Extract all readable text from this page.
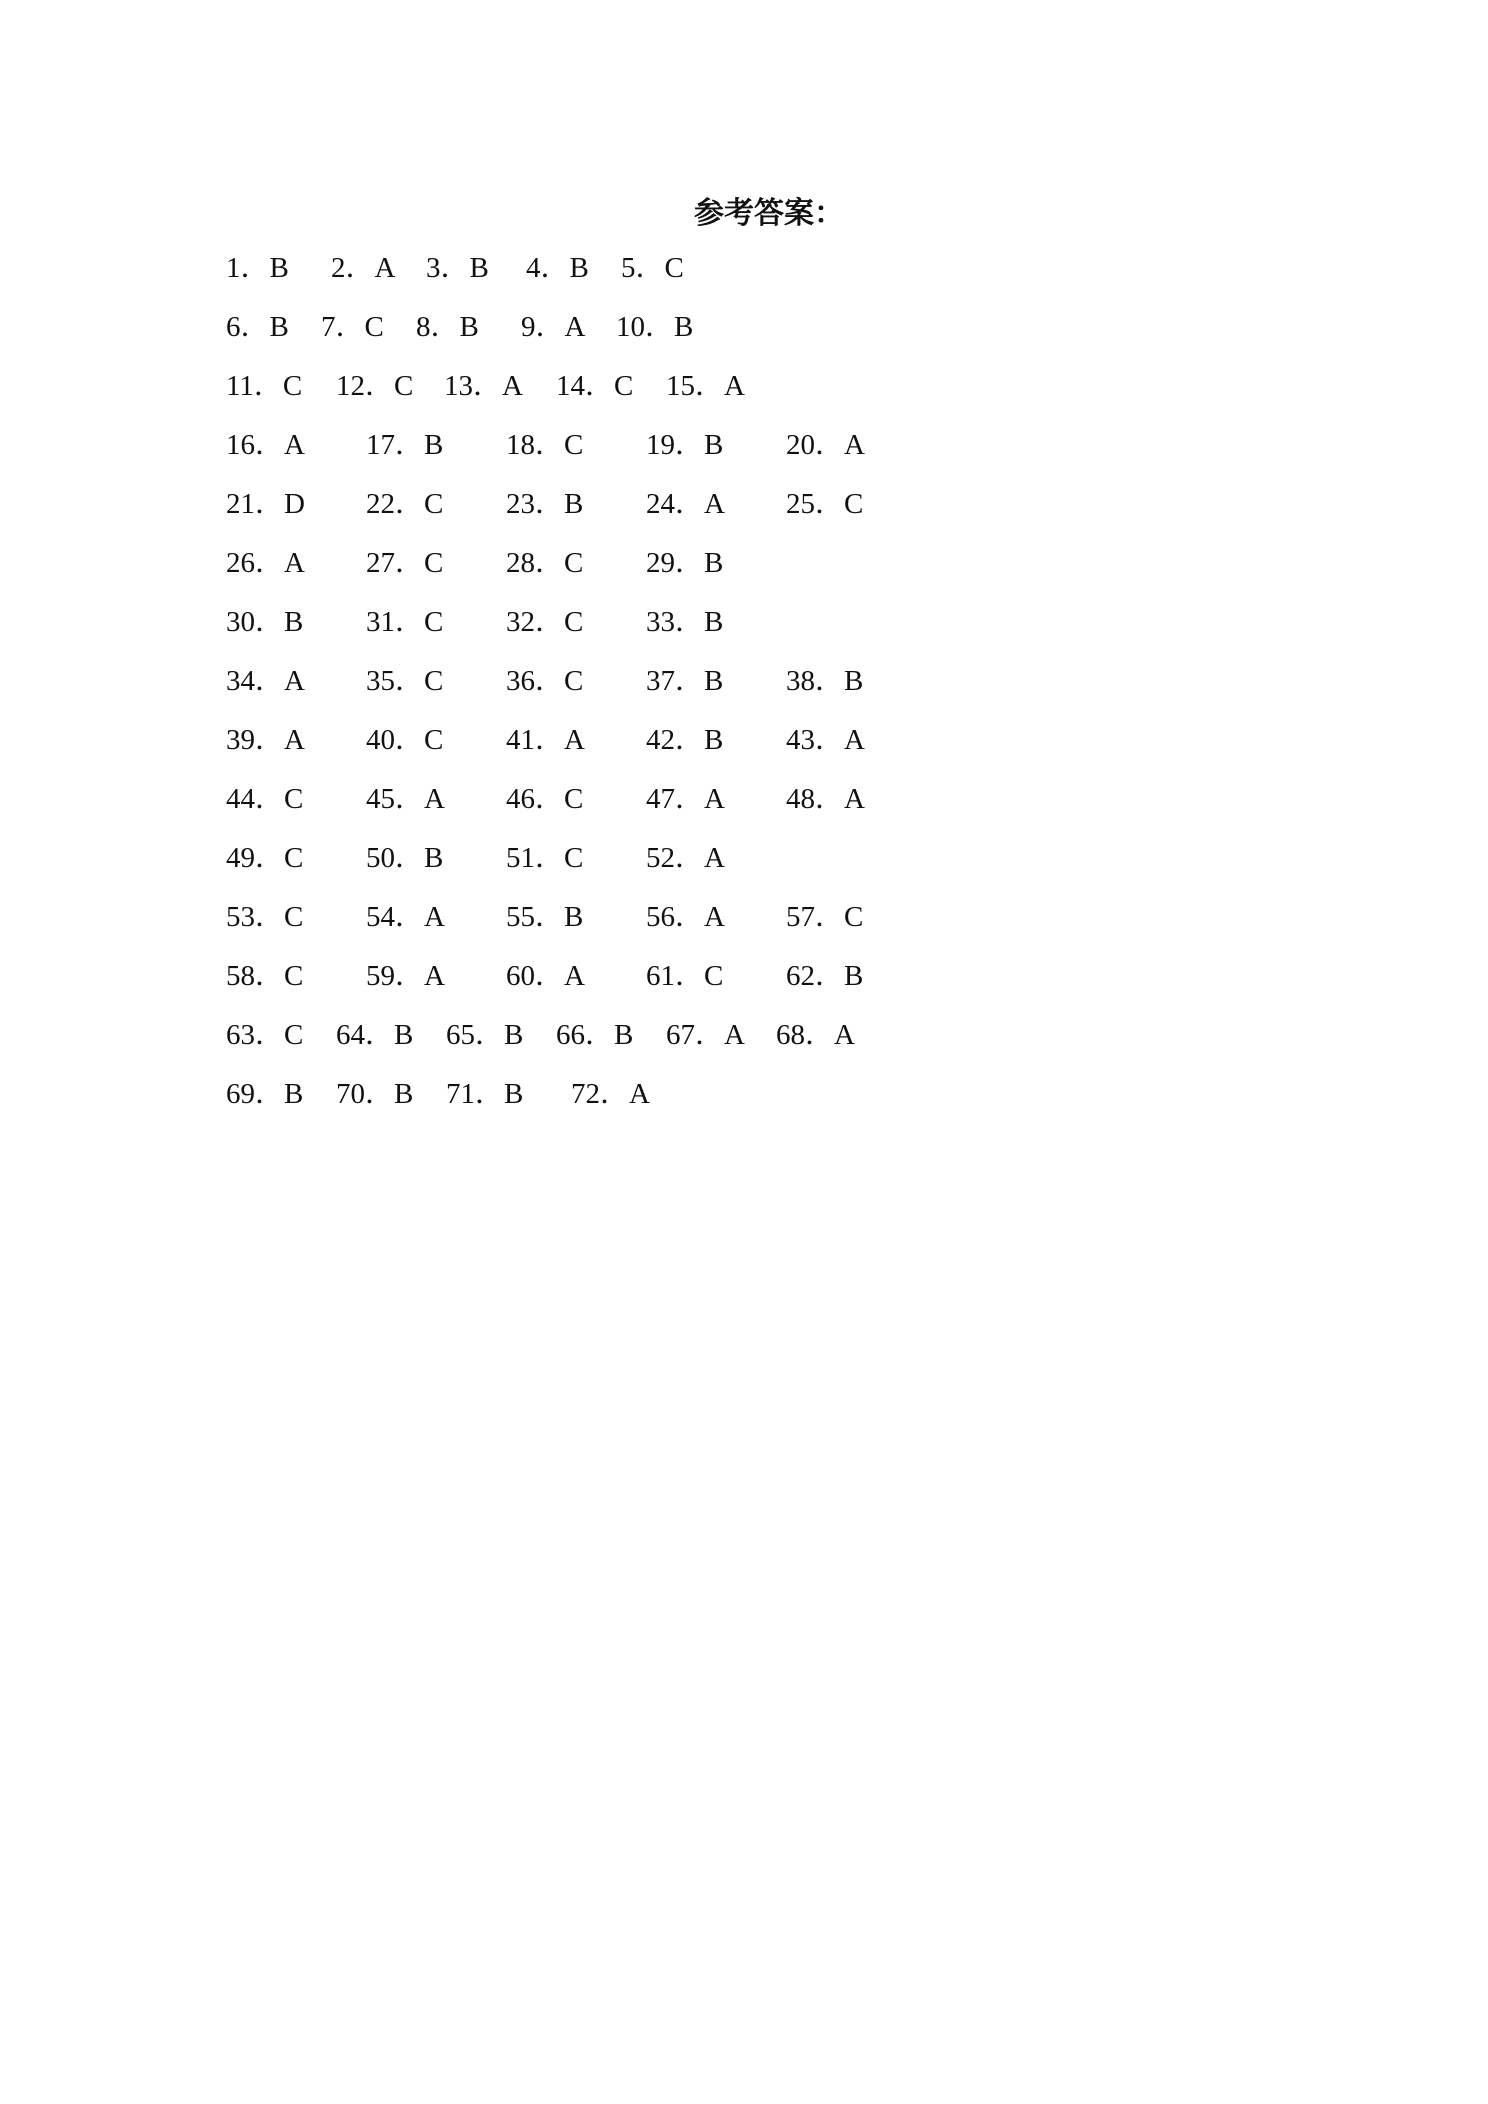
参考答案：
1．B 2．A 3．B 4．B 5．C
6．B 7．C 8．B 9．A 10．B
11．C 12．C 13．A 14．C 15．A
16．A 17．B 18．C 19．B 20．A
21．D 22．C 23．B 24．A 25．C
26．A 27．C 28．C 29．B
30．B 31．C 32．C 33．B
34．A 35．C 36．C 37．B 38．B
39．A 40．C 41．A 42．B 43．A
44．C 45．A 46．C 47．A 48．A
49．C 50．B 51．C 52．A
53．C 54．A 55．B 56．A 57．C
58．C 59．A 60．A 61．C 62．B
63．C 64．B 65．B 66．B 67．A 68．A
69．B 70．B 71．B 72．A
